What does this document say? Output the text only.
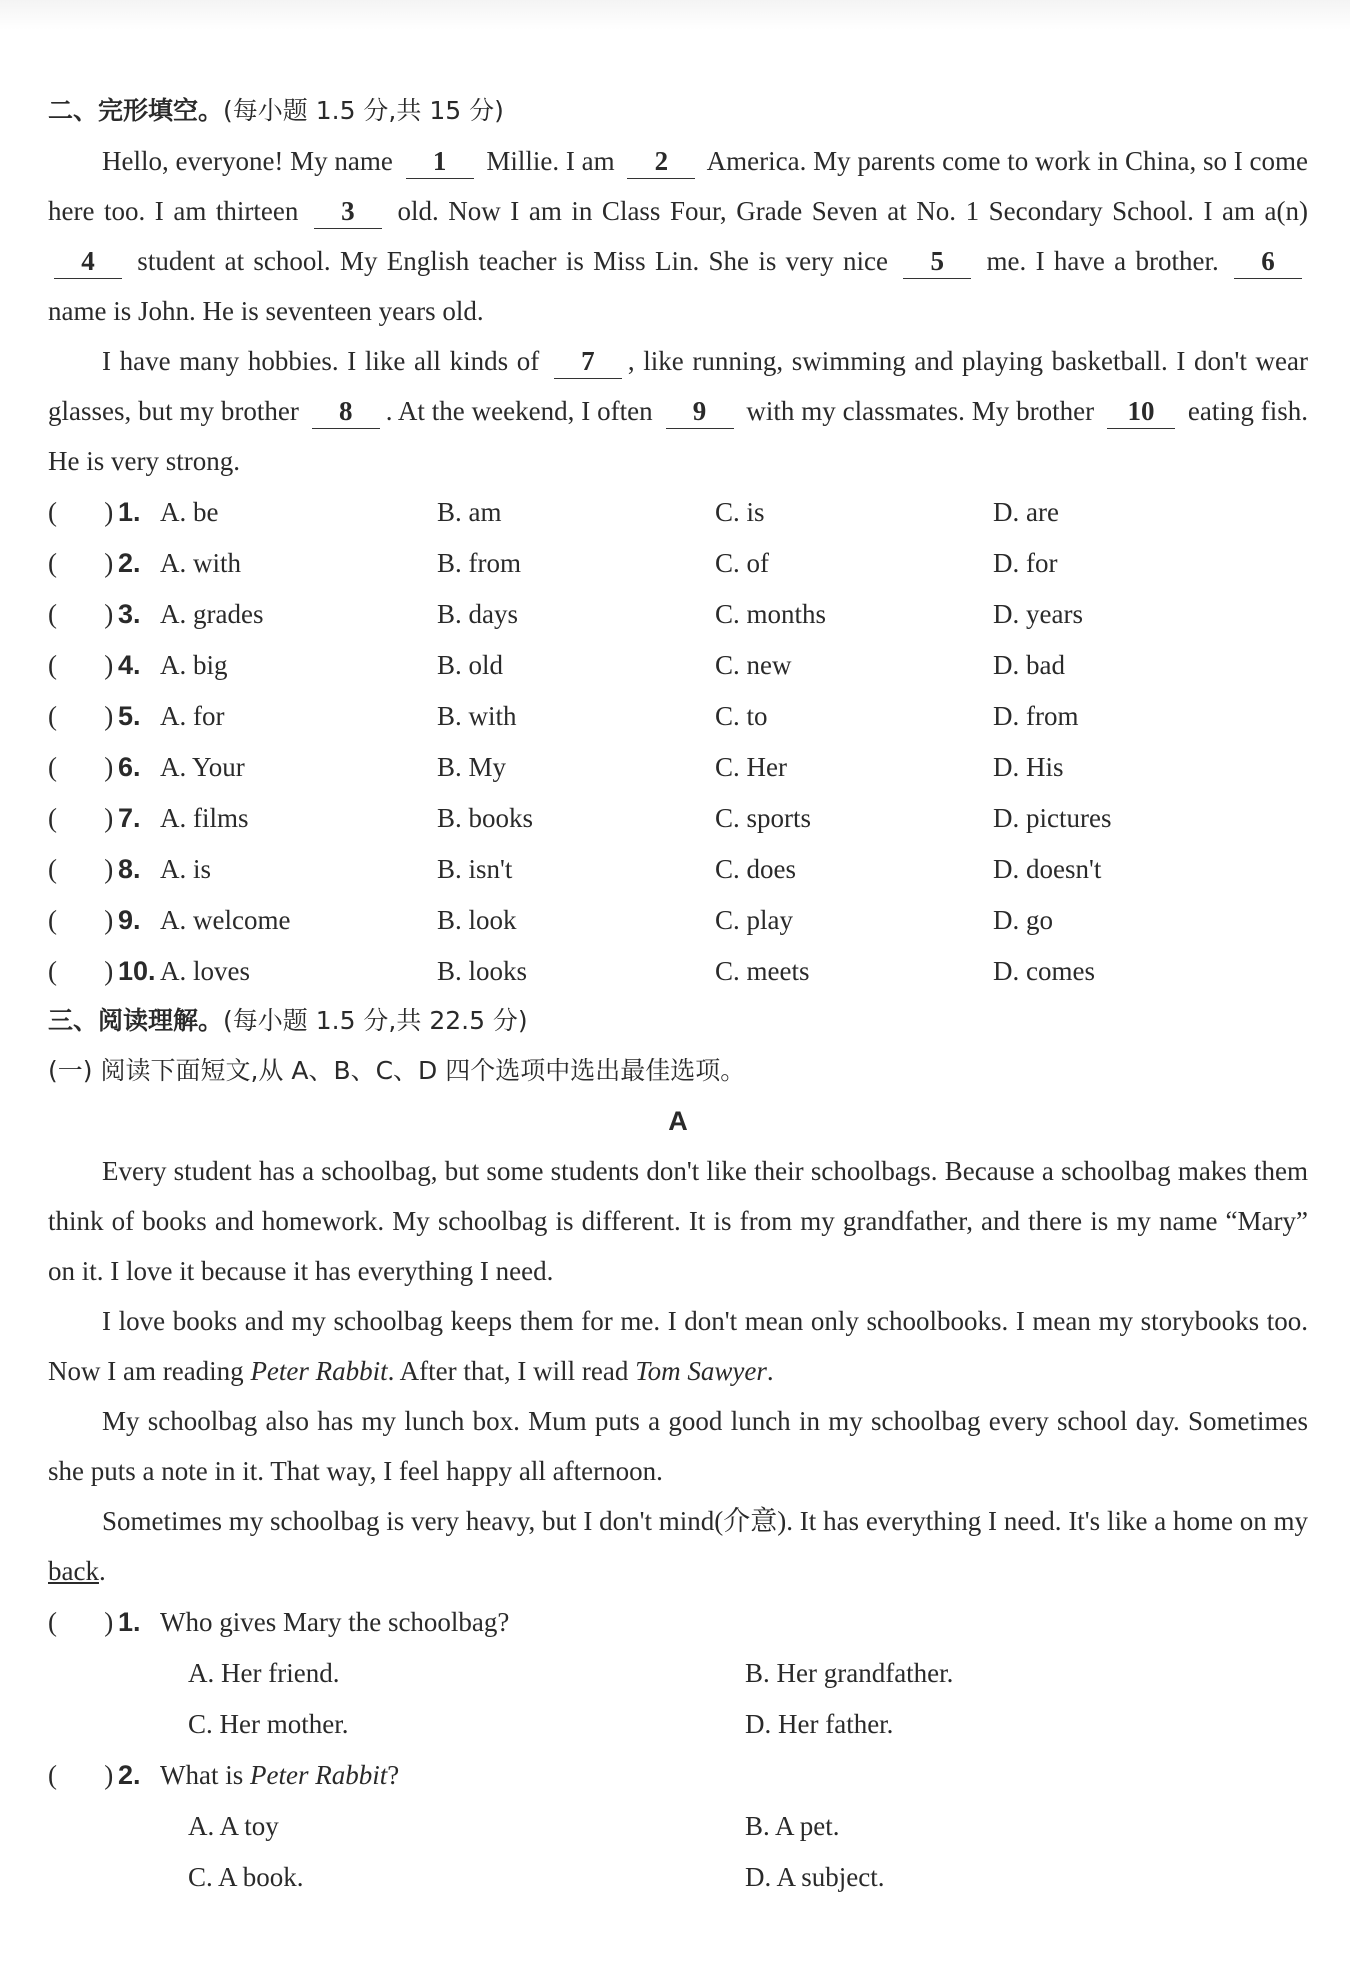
二、完形填空。(每小题 1.5 分,共 15 分)

Hello, everyone! My name 1 Millie. I am 2 America. My parents come to work in China, so I come here too. I am thirteen 3 old. Now I am in Class Four, Grade Seven at No. 1 Secondary School. I am a(n) 4 student at school. My English teacher is Miss Lin. She is very nice 5 me. I have a brother. 6 name is John. He is seventeen years old.

I have many hobbies. I like all kinds of 7 , like running, swimming and playing basketball. I don't wear glasses, but my brother 8 . At the weekend, I often 9 with my classmates. My brother 10 eating fish. He is very strong.

( ) 1. A. be	B. am	C. is	D. are
( ) 2. A. with	B. from	C. of	D. for
( ) 3. A. grades	B. days	C. months	D. years
( ) 4. A. big	B. old	C. new	D. bad
( ) 5. A. for	B. with	C. to	D. from
( ) 6. A. Your	B. My	C. Her	D. His
( ) 7. A. films	B. books	C. sports	D. pictures
( ) 8. A. is	B. isn't	C. does	D. doesn't
( ) 9. A. welcome	B. look	C. play	D. go
( ) 10. A. loves	B. looks	C. meets	D. comes
三、阅读理解。(每小题 1.5 分,共 22.5 分)
(一) 阅读下面短文,从 A、B、C、D 四个选项中选出最佳选项。
A

Every student has a schoolbag, but some students don't like their schoolbags. Because a schoolbag makes them think of books and homework. My schoolbag is different. It is from my grandfather, and there is my name “Mary” on it. I love it because it has everything I need.

I love books and my schoolbag keeps them for me. I don't mean only schoolbooks. I mean my storybooks too. Now I am reading Peter Rabbit. After that, I will read Tom Sawyer.

My schoolbag also has my lunch box. Mum puts a good lunch in my schoolbag every school day. Sometimes she puts a note in it. That way, I feel happy all afternoon.

Sometimes my schoolbag is very heavy, but I don't mind(介意). It has everything I need. It's like a home on my back.

( ) 1. Who gives Mary the schoolbag?
A. Her friend.	B. Her grandfather.
C. Her mother.	D. Her father.
( ) 2. What is Peter Rabbit?
A. A toy	B. A pet.
C. A book.	D. A subject.
